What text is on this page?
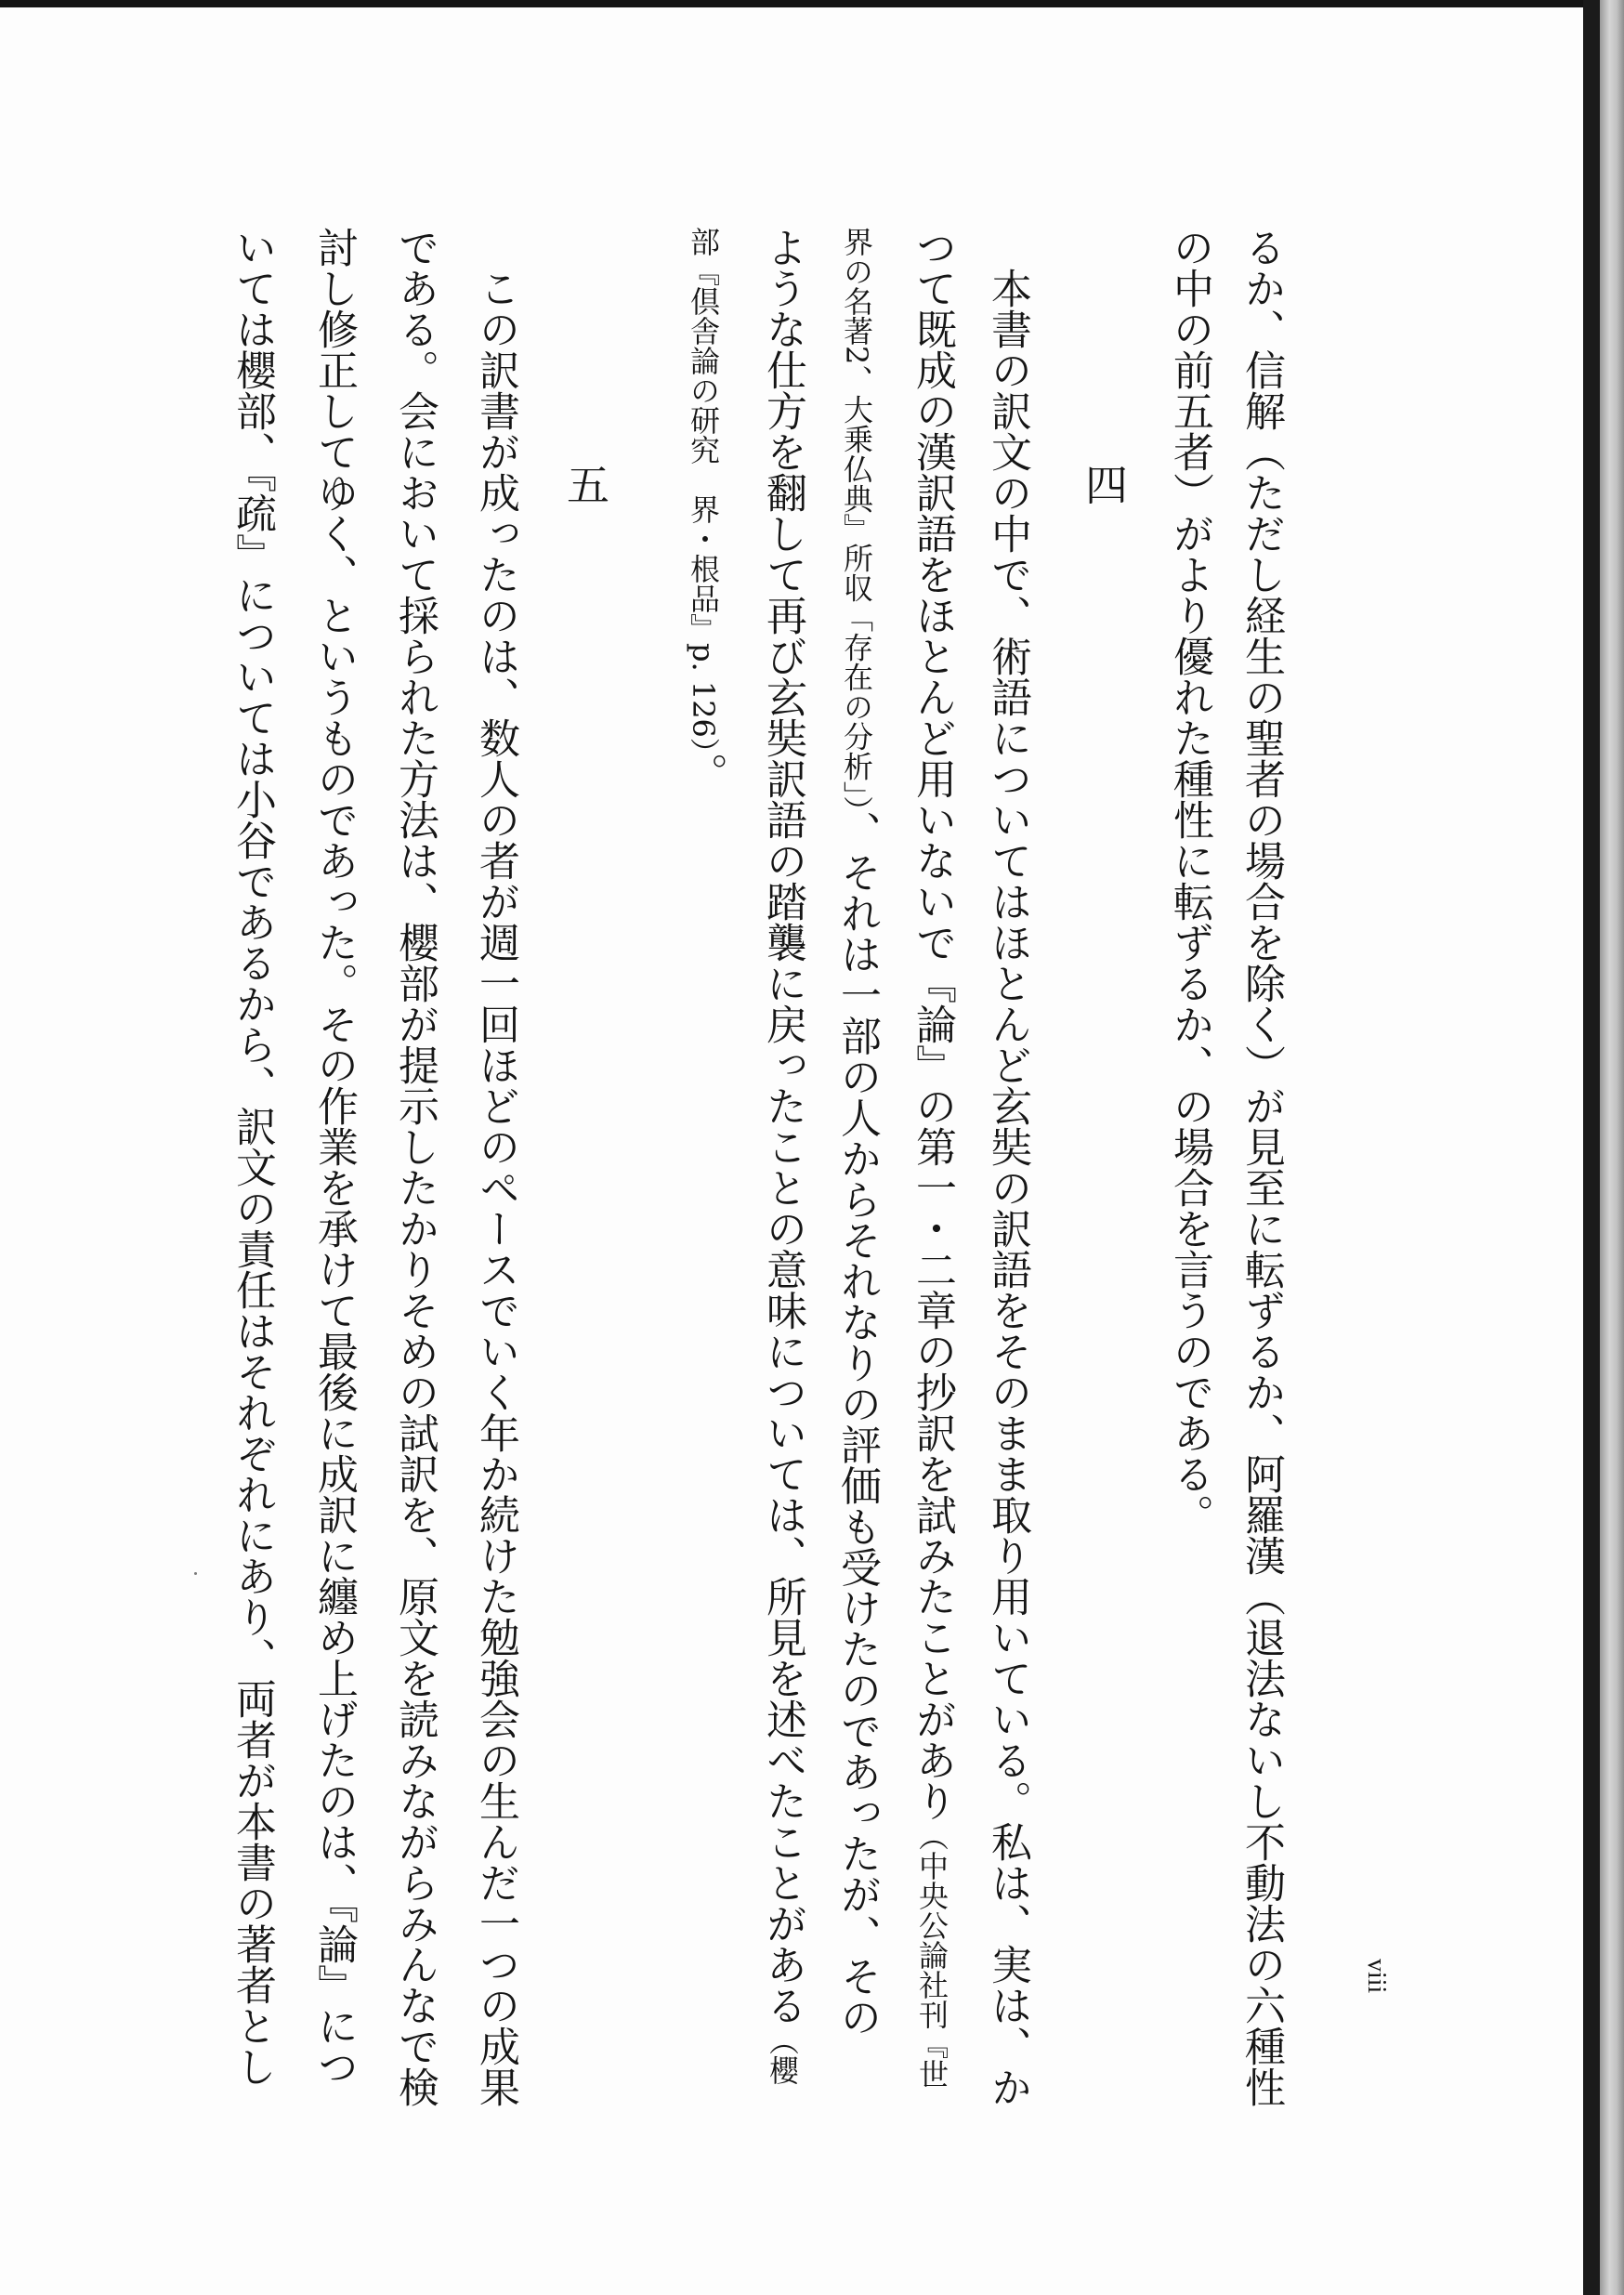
viii
るか、信解（ただし経生の聖者の場合を除く）が見至に転ずるか、阿羅漢（退法ないし不動法の六種性
の中の前五者）がより優れた種性に転ずるか、の場合を言うのである。
四
本書の訳文の中で、術語についてはほとんど玄奘の訳語をそのまま取り用いている。私は、実は、か
つて既成の漢訳語をほとんど用いないで『論』の第一・二章の抄訳を試みたことがあり（中央公論社刊『世
界の名著2、大乗仏典』所収「存在の分析」）、それは一部の人からそれなりの評価も受けたのであったが、その
ような仕方を翻して再び玄奘訳語の踏襲に戻ったことの意味については、所見を述べたことがある（櫻
部『倶舎論の研究　界・根品』p. 126）。
五
この訳書が成ったのは、数人の者が週一回ほどのペースでいく年か続けた勉強会の生んだ一つの成果
である。会において採られた方法は、櫻部が提示したかりそめの試訳を、原文を読みながらみんなで検
討し修正してゆく、というものであった。その作業を承けて最後に成訳に纏め上げたのは、『論』につ
いては櫻部、『疏』については小谷であるから、訳文の責任はそれぞれにあり、両者が本書の著者とし
